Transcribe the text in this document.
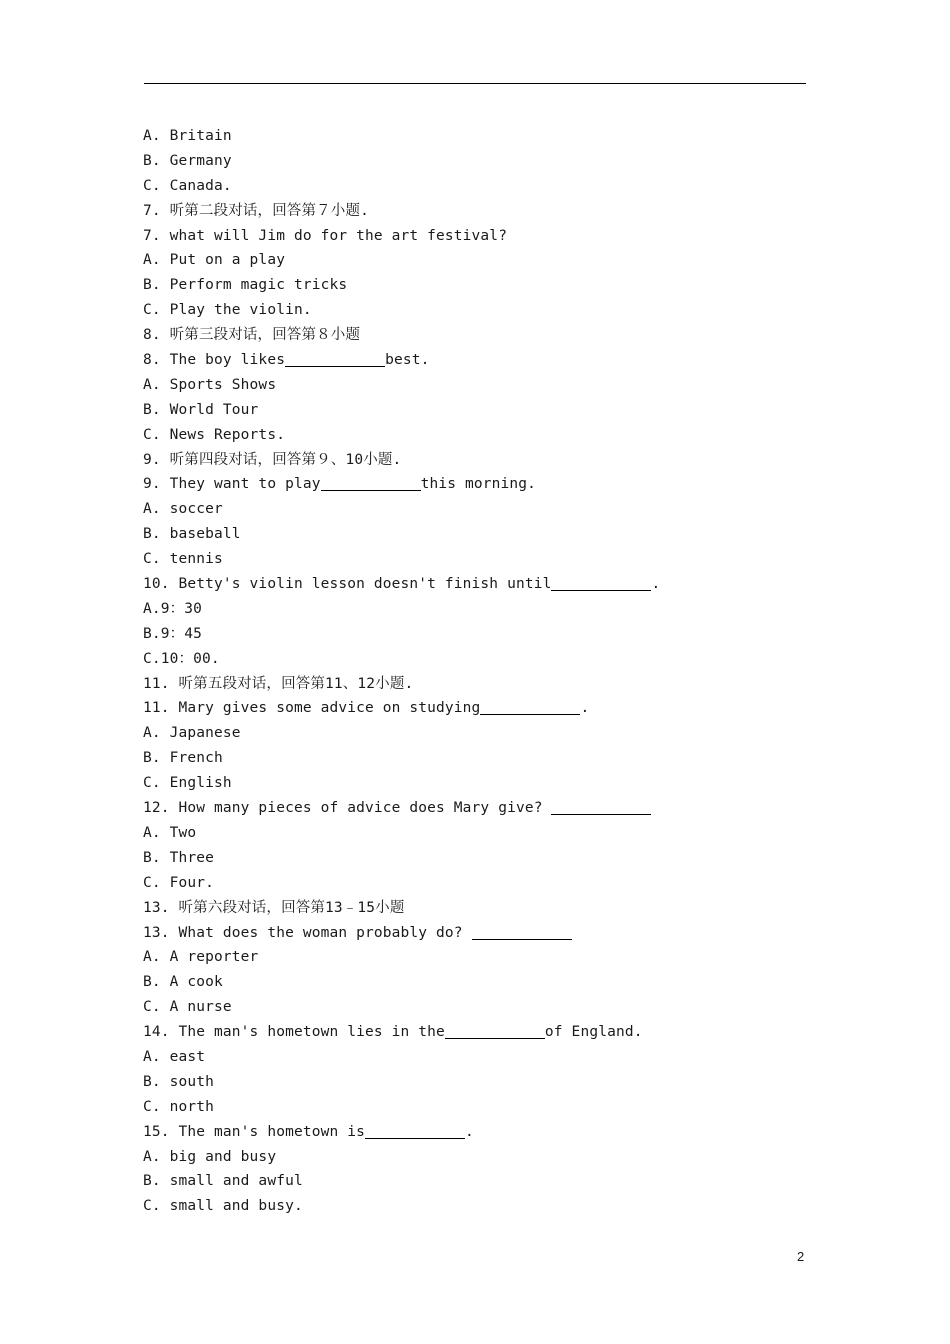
A. Britain
B. Germany
C. Canada.
7. 听第二段对话，回答第７小题.
7. what will Jim do for the art festival?
A. Put on a play
B. Perform magic tricks
C. Play the violin.
8. 听第三段对话，回答第８小题
8. The boy likes	best.
A. Sports Shows
B. World Tour
C. News Reports.
9. 听第四段对话，回答第９、10小题.
9. They want to play	this morning.
A. soccer
B. baseball
C. tennis
10. Betty's violin lesson doesn't finish until	.
A.9：30
B.9：45
C.10：00.
11. 听第五段对话，回答第11、12小题.
11. Mary gives some advice on studying	.
A. Japanese
B. French
C. English
12. How many pieces of advice does Mary give?
A. Two
B. Three
C. Four.
13. 听第六段对话，回答第13﹣15小题
13. What does the woman probably do?
A. A reporter
B. A cook
C. A nurse
14. The man's hometown lies in the	of England.
A. east
B. south
C. north
15. The man's hometown is	.
A. big and busy
B. small and awful
C. small and busy.
2
